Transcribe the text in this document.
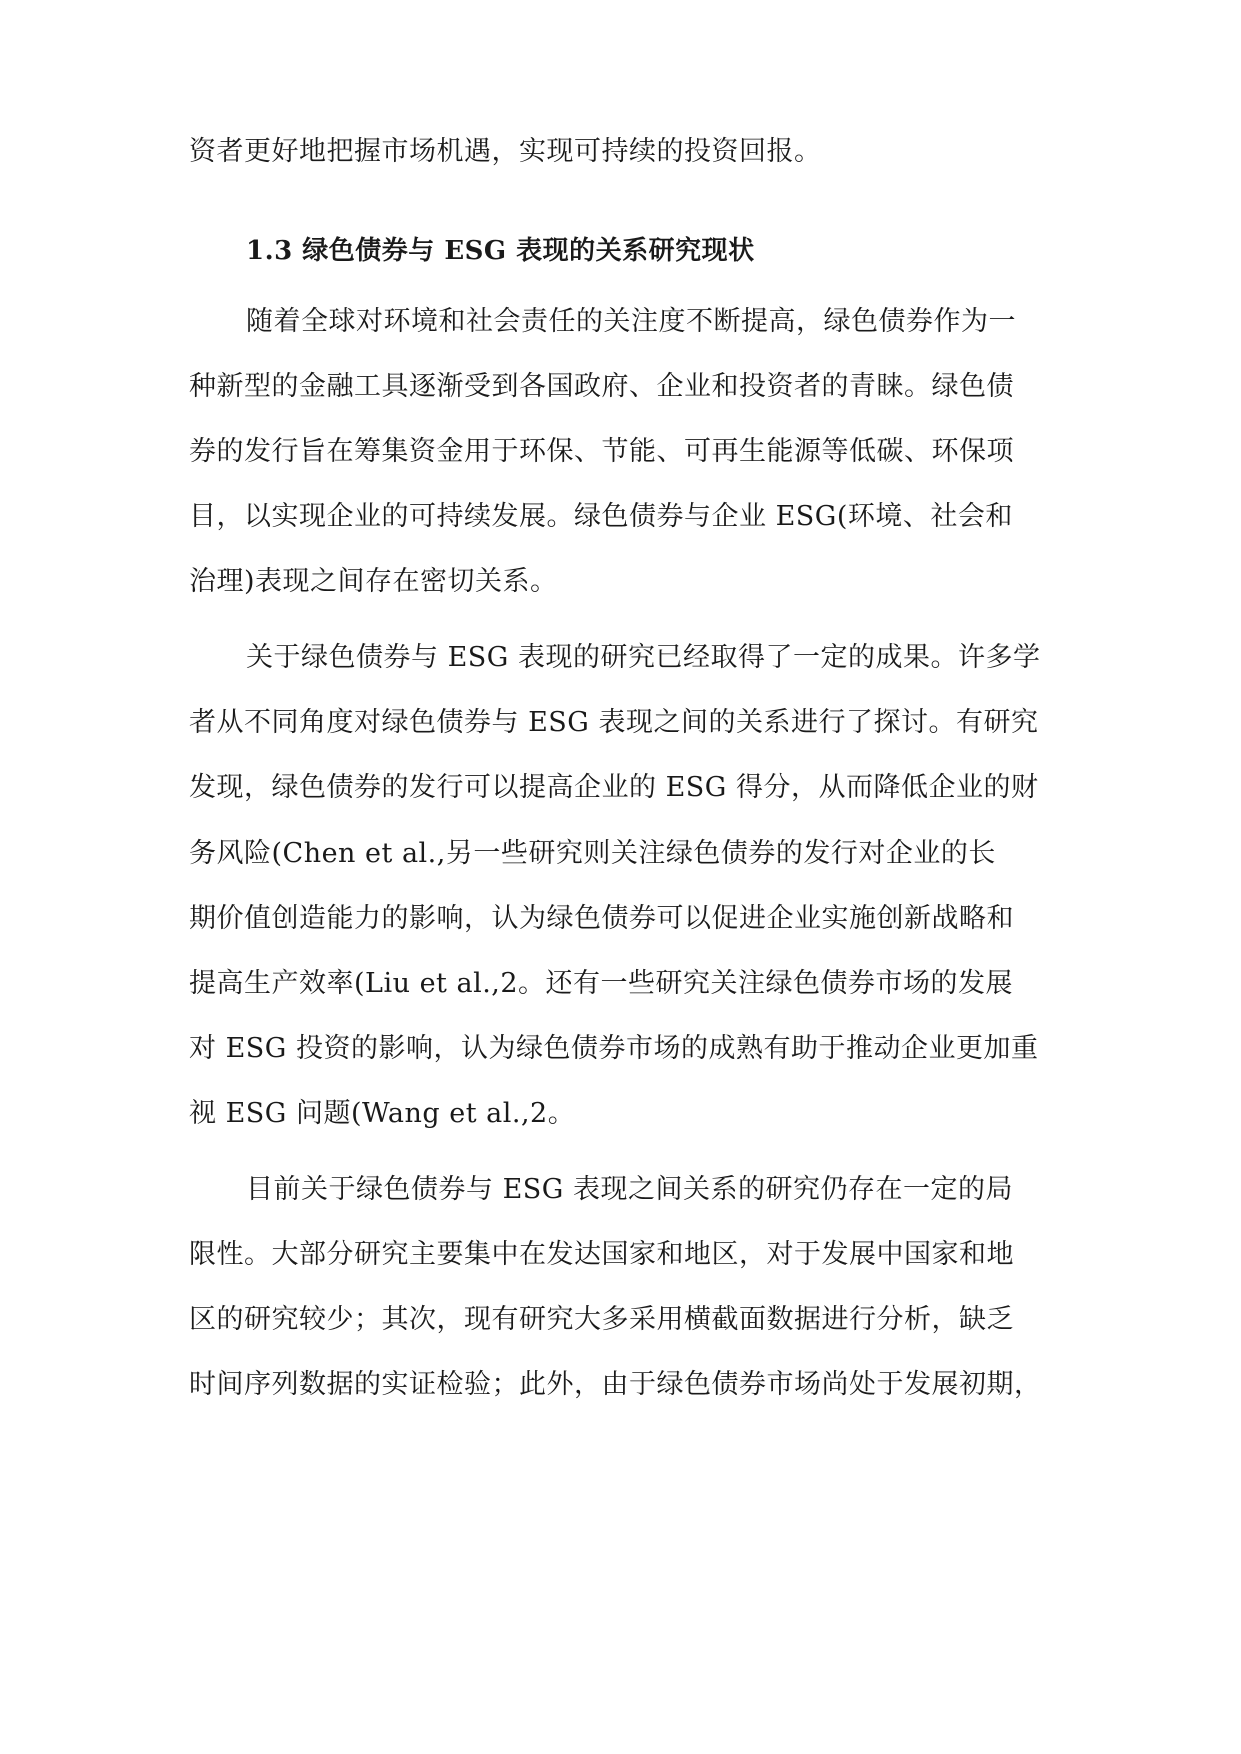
资者更好地把握市场机遇，实现可持续的投资回报。
1.3 绿色债券与 ESG 表现的关系研究现状
随着全球对环境和社会责任的关注度不断提高，绿色债券作为一
种新型的金融工具逐渐受到各国政府、企业和投资者的青睐。绿色债
券的发行旨在筹集资金用于环保、节能、可再生能源等低碳、环保项
目，以实现企业的可持续发展。绿色债券与企业 ESG(环境、社会和
治理)表现之间存在密切关系。
关于绿色债券与 ESG 表现的研究已经取得了一定的成果。许多学
者从不同角度对绿色债券与 ESG 表现之间的关系进行了探讨。有研究
发现，绿色债券的发行可以提高企业的 ESG 得分，从而降低企业的财
务风险(Chen et al.,另一些研究则关注绿色债券的发行对企业的长
期价值创造能力的影响，认为绿色债券可以促进企业实施创新战略和
提高生产效率(Liu et al.,2。还有一些研究关注绿色债券市场的发展
对 ESG 投资的影响，认为绿色债券市场的成熟有助于推动企业更加重
视 ESG 问题(Wang et al.,2。
目前关于绿色债券与 ESG 表现之间关系的研究仍存在一定的局
限性。大部分研究主要集中在发达国家和地区，对于发展中国家和地
区的研究较少；其次，现有研究大多采用横截面数据进行分析，缺乏
时间序列数据的实证检验；此外，由于绿色债券市场尚处于发展初期，
